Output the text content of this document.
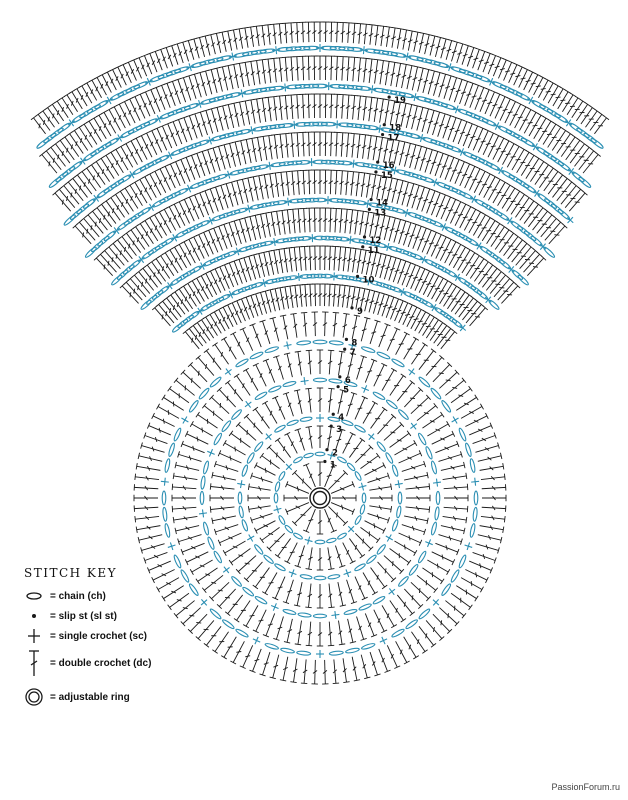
1
2
3
4
5
6
7
8
9
10
11
12
13
14
15
16
17
18
19
STITCH KEY
= chain (ch)
= slip st (sl st)
= single crochet (sc)
= double crochet (dc)
= adjustable ring
PassionForum.ru
